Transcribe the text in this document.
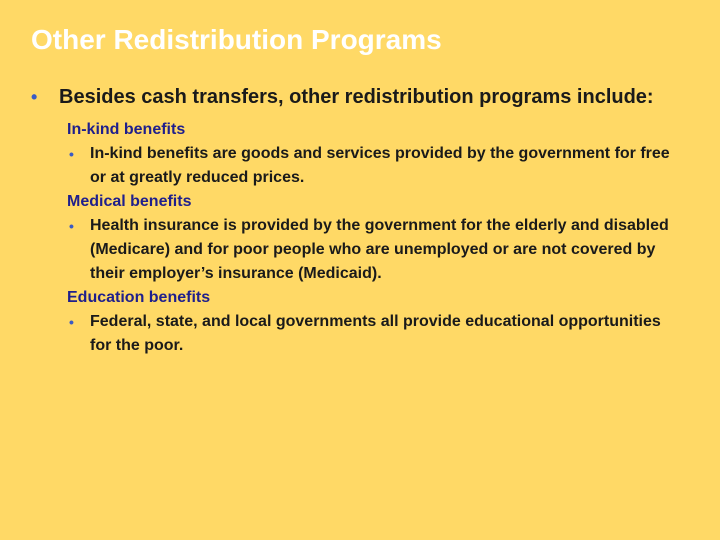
Other Redistribution Programs
• Besides cash transfers, other redistribution programs include:
In-kind benefits
• In-kind benefits are goods and services provided by the government for free or at greatly reduced prices.
Medical benefits
• Health insurance is provided by the government for the elderly and disabled (Medicare) and for poor people who are unemployed or are not covered by their employer’s insurance (Medicaid).
Education benefits
• Federal, state, and local governments all provide educational opportunities for the poor.
